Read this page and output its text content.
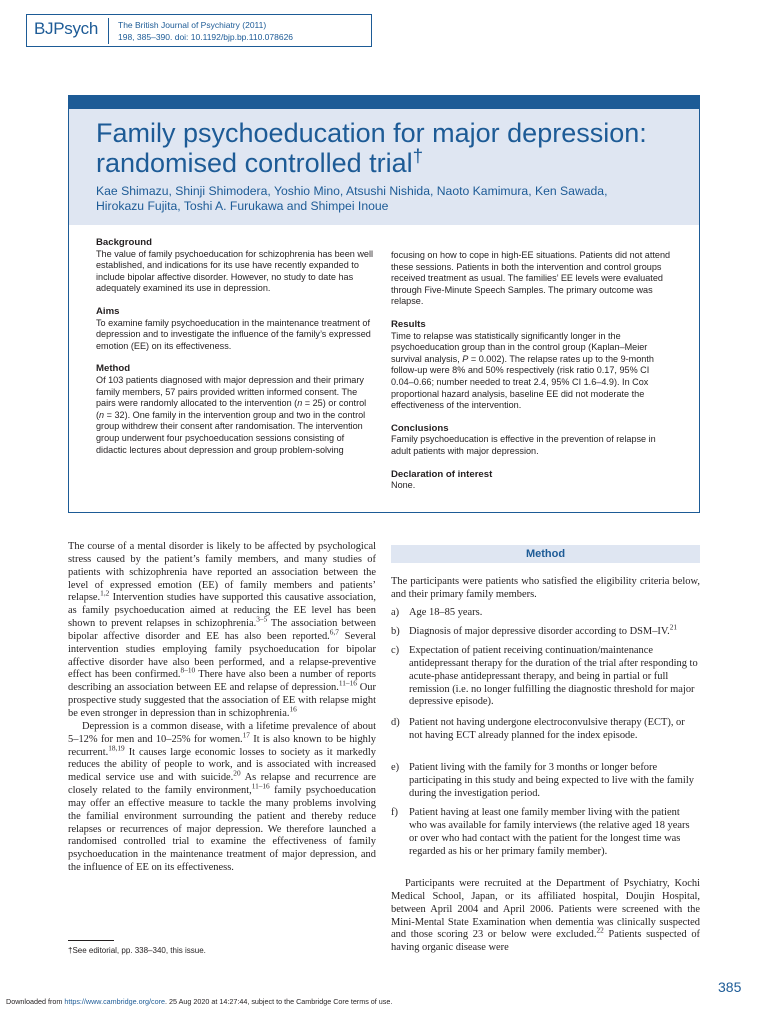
BJPsych The British Journal of Psychiatry (2011)
198, 385–390. doi: 10.1192/bjp.bp.110.078626
Family psychoeducation for major depression:
randomised controlled trial†
Kae Shimazu, Shinji Shimodera, Yoshio Mino, Atsushi Nishida, Naoto Kamimura, Ken Sawada,
Hirokazu Fujita, Toshi A. Furukawa and Shimpei Inoue
Background

The value of family psychoeducation for schizophrenia has been well established, and indications for its use have recently expanded to include bipolar affective disorder. However, no study to date has adequately examined its use in depression.

Aims

To examine family psychoeducation in the maintenance treatment of depression and to investigate the influence of the family’s expressed emotion (EE) on its effectiveness.

Method

Of 103 patients diagnosed with major depression and their primary family members, 57 pairs provided written informed consent. The pairs were randomly allocated to the intervention (n = 25) or control (n = 32). One family in the intervention group and two in the control group withdrew their consent after randomisation. The intervention group underwent four psychoeducation sessions consisting of didactic lectures about depression and group problem-solving

focusing on how to cope in high-EE situations. Patients did not attend these sessions. Patients in both the intervention and control groups received treatment as usual. The families’ EE levels were evaluated through Five-Minute Speech Samples. The primary outcome was relapse.

Results

Time to relapse was statistically significantly longer in the psychoeducation group than in the control group (Kaplan–Meier survival analysis, P = 0.002). The relapse rates up to the 9-month follow-up were 8% and 50% respectively (risk ratio 0.17, 95% CI 0.04–0.66; number needed to treat 2.4, 95% CI 1.6–4.9). In Cox proportional hazard analysis, baseline EE did not moderate the effectiveness of the intervention.

Conclusions

Family psychoeducation is effective in the prevention of relapse in adult patients with major depression.

Declaration of interest

None.

The course of a mental disorder is likely to be affected by psychological stress caused by the patient’s family members, and many studies of patients with schizophrenia have reported an association between the level of expressed emotion (EE) of family members and patients’ relapse.$^{1,2}$ Intervention studies have supported this causative association, as family psychoeducation aimed at reducing the EE level has been shown to prevent relapses in schizophrenia.$^{3-5}$ The association between bipolar affective disorder and EE has also been reported.$^{6,7}$ Several intervention studies employing family psychoeducation for bipolar affective disorder have also been performed, and a relapse-preventive effect has been confirmed.$^{8-10}$ There have also been a number of reports describing an association between EE and relapse of depression.$^{11-16}$ Our prospective study suggested that the association of EE with relapse might be even stronger in depression than in schizophrenia.$^{16}$

Depression is a common disease, with a lifetime prevalence of about 5–12% for men and 10–25% for women.$^{17}$ It is also known to be highly recurrent.$^{18,19}$ It causes large economic losses to society as it markedly reduces the ability of people to work, and is associated with increased medical service use and with suicide.$^{20}$ As relapse and recurrence are closely related to the family environment,$^{11-16}$ family psychoeducation may offer an effective measure to tackle the many problems involving the familial environment surrounding the patient and thereby reduce relapses or recurrences of major depression. We therefore launched a randomised controlled trial to examine the effectiveness of family psychoeducation in the maintenance treatment of major depression, and the influence of EE on its effectiveness.

Method
The participants were patients who satisfied the eligibility criteria below, and their primary family members.
a) Age 18–85 years.
b) Diagnosis of major depressive disorder according to DSM–IV.$^{21}$
c) Expectation of patient receiving continuation/maintenance antidepressant therapy for the duration of the trial after responding to acute-phase antidepressant therapy, and being in partial or full remission (i.e. no longer fulfilling the diagnostic threshold for major depressive episode).
d) Patient not having undergone electroconvulsive therapy (ECT), or not having ECT already planned for the index episode.
e) Patient living with the family for 3 months or longer before participating in this study and being expected to live with the family during the investigation period.
f) Patient having at least one family member living with the patient who was available for family interviews (the relative aged 18 years or over who had contact with the patient for the longest time was regarded as his or her primary family member).

Participants were recruited at the Department of Psychiatry, Kochi Medical School, Japan, or its affiliated hospital, Doujin Hospital, between April 2004 and April 2006. Patients were screened with the Mini-Mental State Examination when dementia was clinically suspected and those scoring 23 or below were excluded.$^{22}$ Patients suspected of having organic disease were

†See editorial, pp. 338–340, this issue.
385
Downloaded from https://www.cambridge.org/core. 25 Aug 2020 at 14:27:44, subject to the Cambridge Core terms of use.
